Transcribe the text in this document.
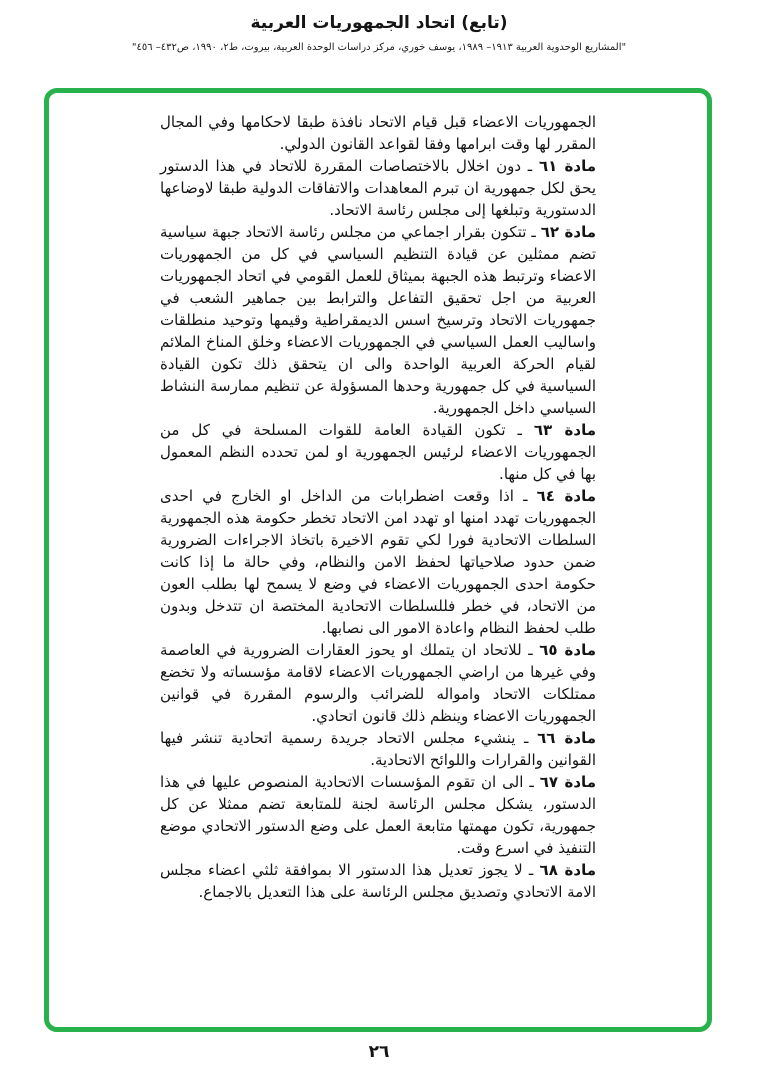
(تابع) اتحاد الجمهوريات العربية
"المشاريع الوحدوية العربية ١٩١٣– ١٩٨٩، يوسف خوري، مركز دراسات الوحدة العربية، بيروت، ط٢، ١٩٩٠، ص٤٣٢– ٤٥٦"

الجمهوريات الاعضاء قبل قيام الاتحاد نافذة طبقا لاحكامها وفي المجال المقرر لها وقت ابرامها وفقا لقواعد القانون الدولي.

مادة ٦١ ـ دون اخلال بالاختصاصات المقررة للاتحاد في هذا الدستور يحق لكل جمهورية ان تبرم المعاهدات والاتفاقات الدولية طبقا لاوضاعها الدستورية وتبلغها إلى مجلس رئاسة الاتحاد.

مادة ٦٢ ـ تتكون بقرار اجماعي من مجلس رئاسة الاتحاد جبهة سياسية تضم ممثلين عن قيادة التنظيم السياسي في كل من الجمهوريات الاعضاء وترتبط هذه الجبهة بميثاق للعمل القومي في اتحاد الجمهوريات العربية من اجل تحقيق التفاعل والترابط بين جماهير الشعب في جمهوريات الاتحاد وترسيخ اسس الديمقراطية وقيمها وتوحيد منطلقات واساليب العمل السياسي في الجمهوريات الاعضاء وخلق المناخ الملائم لقيام الحركة العربية الواحدة والى ان يتحقق ذلك تكون القيادة السياسية في كل جمهورية وحدها المسؤولة عن تنظيم ممارسة النشاط السياسي داخل الجمهورية.

مادة ٦٣ ـ تكون القيادة العامة للقوات المسلحة في كل من الجمهوريات الاعضاء لرئيس الجمهورية او لمن تحدده النظم المعمول بها في كل منها.

مادة ٦٤ ـ اذا وقعت اضطرابات من الداخل او الخارج في احدى الجمهوريات تهدد امنها او تهدد امن الاتحاد تخطر حكومة هذه الجمهورية السلطات الاتحادية فورا لكي تقوم الاخيرة باتخاذ الاجراءات الضرورية ضمن حدود صلاحياتها لحفظ الامن والنظام، وفي حالة ما إذا كانت حكومة احدى الجمهوريات الاعضاء في وضع لا يسمح لها بطلب العون من الاتحاد، في خطر فللسلطات الاتحادية المختصة ان تتدخل وبدون طلب لحفظ النظام واعادة الامور الى نصابها.

مادة ٦٥ ـ للاتحاد ان يتملك او يحوز العقارات الضرورية في العاصمة وفي غيرها من اراضي الجمهوريات الاعضاء لاقامة مؤسساته ولا تخضع ممتلكات الاتحاد وامواله للضرائب والرسوم المقررة في قوانين الجمهوريات الاعضاء وينظم ذلك قانون اتحادي.

مادة ٦٦ ـ ينشيء مجلس الاتحاد جريدة رسمية اتحادية تنشر فيها القوانين والقرارات واللوائح الاتحادية.

مادة ٦٧ ـ الى ان تقوم المؤسسات الاتحادية المنصوص عليها في هذا الدستور، يشكل مجلس الرئاسة لجنة للمتابعة تضم ممثلا عن كل جمهورية، تكون مهمتها متابعة العمل على وضع الدستور الاتحادي موضع التنفيذ في اسرع وقت.

مادة ٦٨ ـ لا يجوز تعديل هذا الدستور الا بموافقة ثلثي اعضاء مجلس الامة الاتحادي وتصديق مجلس الرئاسة على هذا التعديل بالاجماع.

٢٦
